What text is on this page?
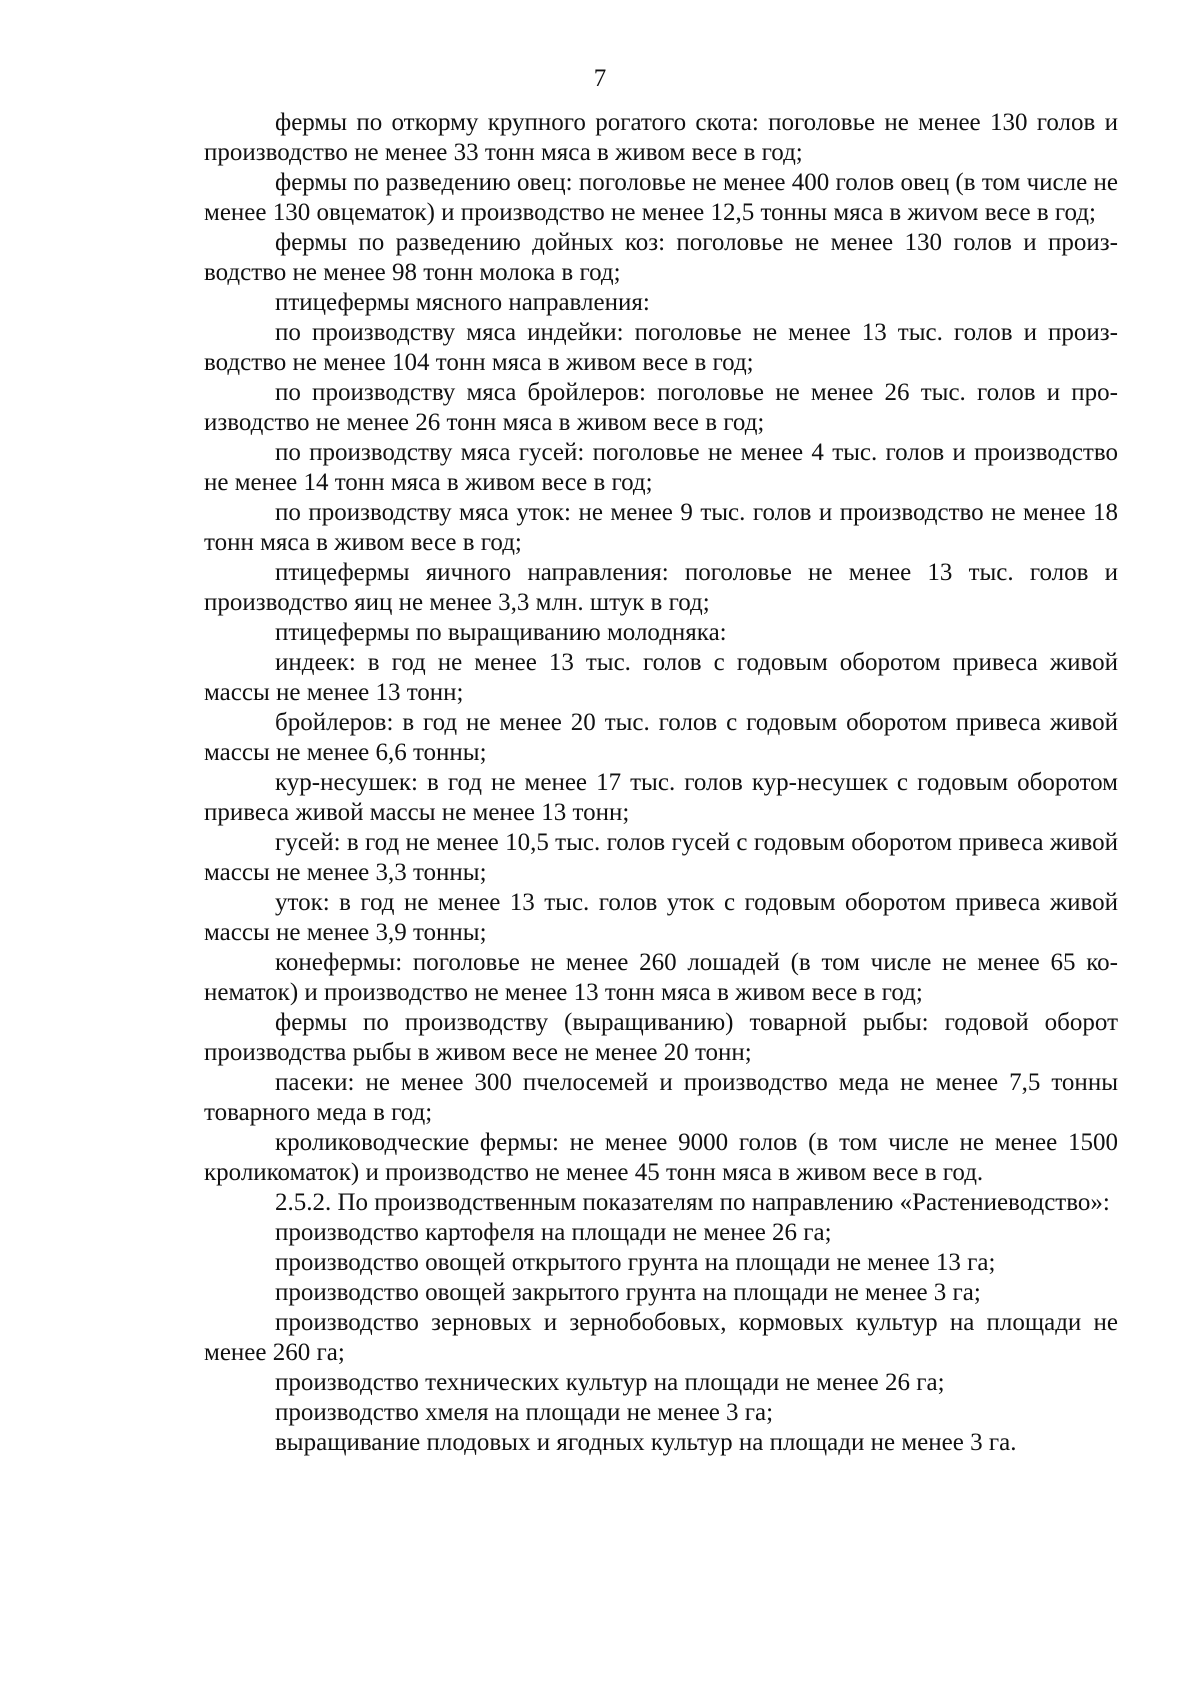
7

фермы по откорму крупного рогатого скота: поголовье не менее 130 голов и производство не менее 33 тонн мяса в живом весе в год;

фермы по разведению овец: поголовье не менее 400 голов овец (в том числе не менее 130 овцематок) и производство не менее 12,5 тонны мяса в жиvом весе в год;

фермы по разведению дойных коз: поголовье не менее 130 голов и производство не менее 98 тонн молока в год;

птицефермы мясного направления:

по производству мяса индейки: поголовье не менее 13 тыс. голов и производство не менее 104 тонн мяса в живом весе в год;

по производству мяса бройлеров: поголовье не менее 26 тыс. голов и производство не менее 26 тонн мяса в живом весе в год;

по производству мяса гусей: поголовье не менее 4 тыс. голов и производство не менее 14 тонн мяса в живом весе в год;

по производству мяса уток: не менее 9 тыс. голов и производство не менее 18 тонн мяса в живом весе в год;

птицефермы яичного направления: поголовье не менее 13 тыс. голов и производство яиц не менее 3,3 млн. штук в год;

птицефермы по выращиванию молодняка:

индеек: в год не менее 13 тыс. голов с годовым оборотом привеса живой массы не менее 13 тонн;

бройлеров: в год не менее 20 тыс. голов с годовым оборотом привеса живой массы не менее 6,6 тонны;

кур-несушек: в год не менее 17 тыс. голов кур-несушек с годовым оборотом привеса живой массы не менее 13 тонн;

гусей: в год не менее 10,5 тыс. голов гусей с годовым оборотом привеса живой массы не менее 3,3 тонны;

уток: в год не менее 13 тыс. голов уток с годовым оборотом привеса живой массы не менее 3,9 тонны;

конефермы: поголовье не менее 260 лошадей (в том числе не менее 65 конематок) и производство не менее 13 тонн мяса в живом весе в год;

фермы по производству (выращиванию) товарной рыбы: годовой оборот производства рыбы в живом весе не менее 20 тонн;

пасеки: не менее 300 пчелосемей и производство меда не менее 7,5 тонны товарного меда в год;

кролиководческие фермы: не менее 9000 голов (в том числе не менее 1500 кроликоматок) и производство не менее 45 тонн мяса в живом весе в год.

2.5.2. По производственным показателям по направлению «Растениеводство»:

производство картофеля на площади не менее 26 га;

производство овощей открытого грунта на площади не менее 13 га;

производство овощей закрытого грунта на площади не менее 3 га;

производство зерновых и зернобобовых, кормовых культур на площади не менее 260 га;

производство технических культур на площади не менее 26 га;

производство хмеля на площади не менее 3 га;

выращивание плодовых и ягодных культур на площади не менее 3 га.
